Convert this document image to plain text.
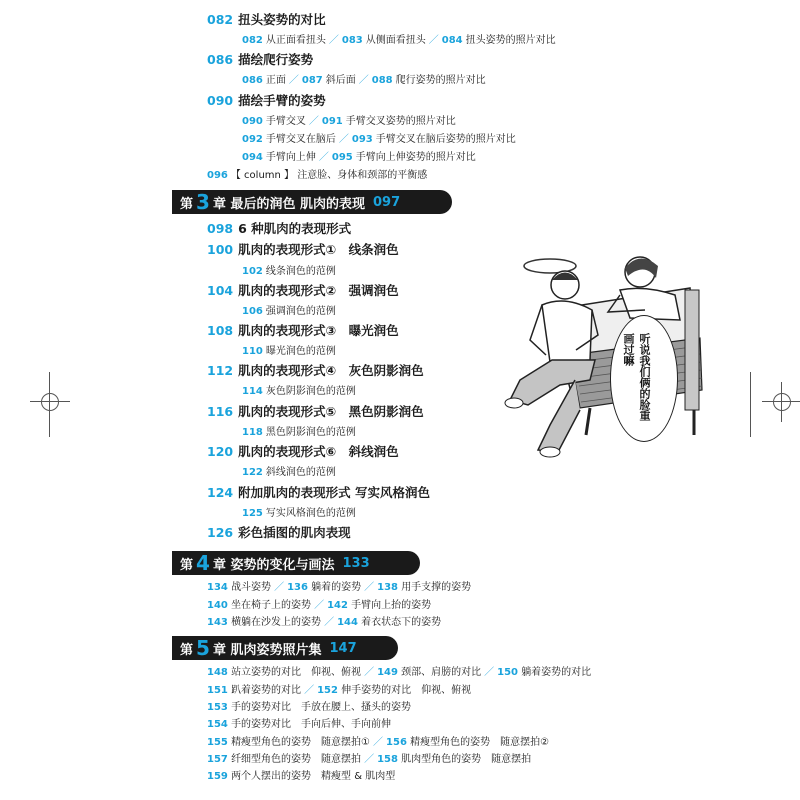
082 扭头姿势的对比
082 从正面看扭头 ／ 083 从侧面看扭头 ／ 084 扭头姿势的照片对比
086 描绘爬行姿势
086 正面 ／ 087 斜后面 ／ 088 爬行姿势的照片对比
090 描绘手臂的姿势
090 手臂交叉 ／ 091 手臂交叉姿势的照片对比
092 手臂交叉在脑后 ／ 093 手臂交叉在脑后姿势的照片对比
094 手臂向上伸 ／ 095 手臂向上伸姿势的照片对比
096 【 column 】 注意脸、身体和颈部的平衡感
第 3 章
最后的润色 肌肉的表现 097
098 6 种肌肉的表现形式
100 肌肉的表现形式①　线条润色
102 线条润色的范例
104 肌肉的表现形式②　强调润色
106 强调润色的范例
108 肌肉的表现形式③　曝光润色
110 曝光润色的范例
112 肌肉的表现形式④　灰色阴影润色
114 灰色阴影润色的范例
116 肌肉的表现形式⑤　黑色阴影润色
118 黑色阴影润色的范例
120 肌肉的表现形式⑥　斜线润色
122 斜线润色的范例
124 附加肌肉的表现形式 写实风格润色
125 写实风格润色的范例
126 彩色插图的肌肉表现
听说我们俩的脸重画过嘛
第 4 章
姿势的变化与画法 133
134 战斗姿势 ／ 136 躺着的姿势 ／ 138 用手支撑的姿势
140 坐在椅子上的姿势 ／ 142 手臂向上抬的姿势
143 横躺在沙发上的姿势 ／ 144 着衣状态下的姿势
第 5 章
肌肉姿势照片集 147
148 站立姿势的对比　仰视、俯视 ／ 149 颈部、肩膀的对比 ／ 150 躺着姿势的对比
151 趴着姿势的对比 ／ 152 伸手姿势的对比　仰视、俯视
153 手的姿势对比　手放在腰上、搔头的姿势
154 手的姿势对比　手向后伸、手向前伸
155 精瘦型角色的姿势　随意摆拍① ／ 156 精瘦型角色的姿势　随意摆拍②
157 纤细型角色的姿势　随意摆拍 ／ 158 肌肉型角色的姿势　随意摆拍
159 两个人摆出的姿势　精瘦型 & 肌肉型
